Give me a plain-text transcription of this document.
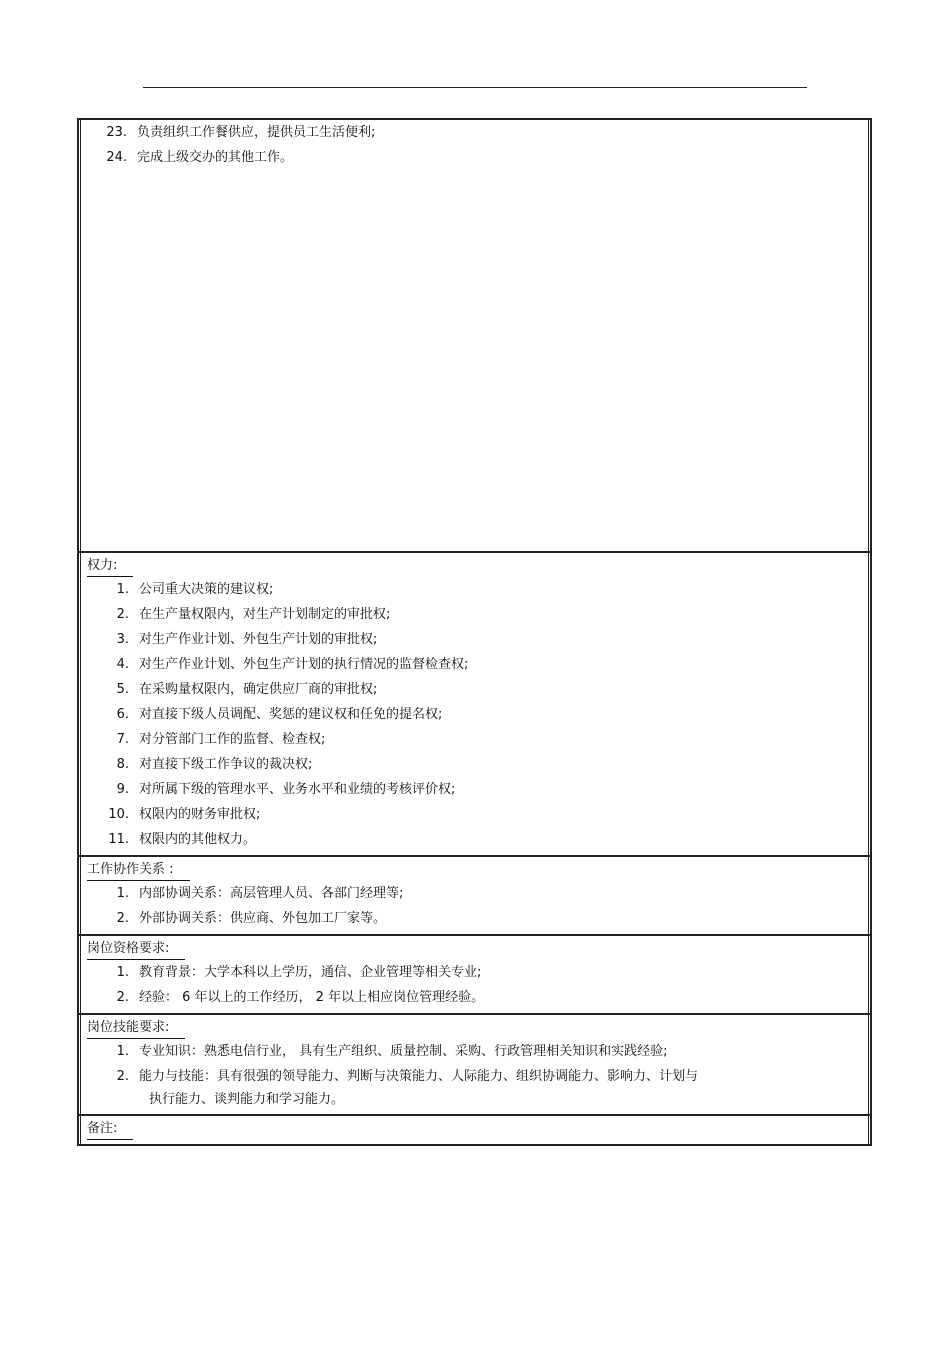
23. 负责组织工作餐供应，提供员工生活便利;
24. 完成上级交办的其他工作。
权力:
1. 公司重大决策的建议权;
2. 在生产量权限内，对生产计划制定的审批权;
3. 对生产作业计划、外包生产计划的审批权;
4. 对生产作业计划、外包生产计划的执行情况的监督检查权;
5. 在采购量权限内，确定供应厂商的审批权;
6. 对直接下级人员调配、奖惩的建议权和任免的提名权;
7. 对分管部门工作的监督、检查权;
8. 对直接下级工作争议的裁决权;
9. 对所属下级的管理水平、业务水平和业绩的考核评价权;
10. 权限内的财务审批权;
11. 权限内的其他权力。
工作协作关系 :
1. 内部协调关系：高层管理人员、各部门经理等;
2. 外部协调关系：供应商、外包加工厂家等。
岗位资格要求:
1. 教育背景：大学本科以上学历，通信、企业管理等相关专业;
2. 经验： 6 年以上的工作经历， 2 年以上相应岗位管理经验。
岗位技能要求:
1. 专业知识：熟悉电信行业， 具有生产组织、质量控制、采购、行政管理相关知识和实践经验;
2. 能力与技能：具有很强的领导能力、判断与决策能力、人际能力、组织协调能力、影响力、计划与
执行能力、谈判能力和学习能力。
备注:
